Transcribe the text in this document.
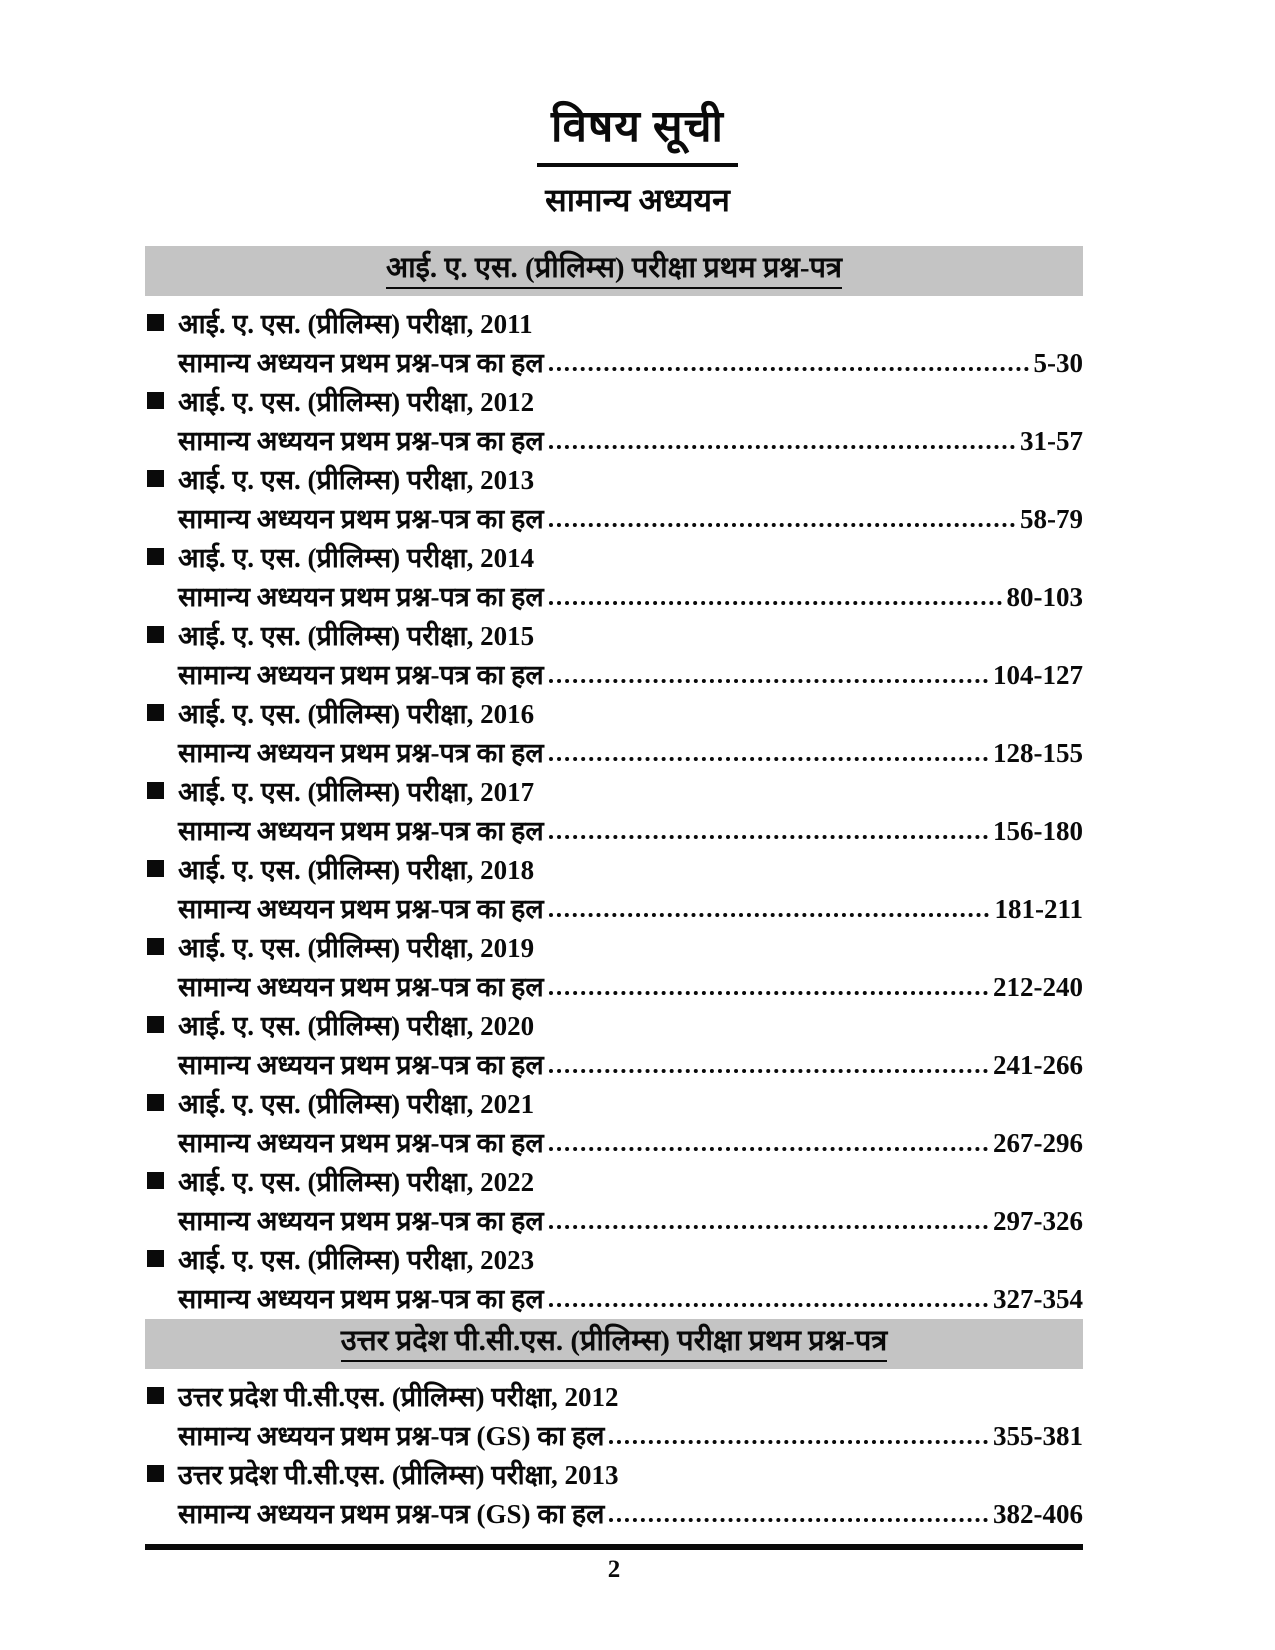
विषय सूची
सामान्य अध्ययन
आई. ए. एस. (प्रीलिम्स) परीक्षा प्रथम प्रश्न-पत्र
आई. ए. एस. (प्रीलिम्स) परीक्षा, 2011
सामान्य अध्ययन प्रथम प्रश्न-पत्र का हल	5-30
आई. ए. एस. (प्रीलिम्स) परीक्षा, 2012
सामान्य अध्ययन प्रथम प्रश्न-पत्र का हल	31-57
आई. ए. एस. (प्रीलिम्स) परीक्षा, 2013
सामान्य अध्ययन प्रथम प्रश्न-पत्र का हल	58-79
आई. ए. एस. (प्रीलिम्स) परीक्षा, 2014
सामान्य अध्ययन प्रथम प्रश्न-पत्र का हल	80-103
आई. ए. एस. (प्रीलिम्स) परीक्षा, 2015
सामान्य अध्ययन प्रथम प्रश्न-पत्र का हल	104-127
आई. ए. एस. (प्रीलिम्स) परीक्षा, 2016
सामान्य अध्ययन प्रथम प्रश्न-पत्र का हल	128-155
आई. ए. एस. (प्रीलिम्स) परीक्षा, 2017
सामान्य अध्ययन प्रथम प्रश्न-पत्र का हल	156-180
आई. ए. एस. (प्रीलिम्स) परीक्षा, 2018
सामान्य अध्ययन प्रथम प्रश्न-पत्र का हल	181-211
आई. ए. एस. (प्रीलिम्स) परीक्षा, 2019
सामान्य अध्ययन प्रथम प्रश्न-पत्र का हल	212-240
आई. ए. एस. (प्रीलिम्स) परीक्षा, 2020
सामान्य अध्ययन प्रथम प्रश्न-पत्र का हल	241-266
आई. ए. एस. (प्रीलिम्स) परीक्षा, 2021
सामान्य अध्ययन प्रथम प्रश्न-पत्र का हल	267-296
आई. ए. एस. (प्रीलिम्स) परीक्षा, 2022
सामान्य अध्ययन प्रथम प्रश्न-पत्र का हल	297-326
आई. ए. एस. (प्रीलिम्स) परीक्षा, 2023
सामान्य अध्ययन प्रथम प्रश्न-पत्र का हल	327-354
उत्तर प्रदेश पी.सी.एस. (प्रीलिम्स) परीक्षा प्रथम प्रश्न-पत्र
उत्तर प्रदेश पी.सी.एस. (प्रीलिम्स) परीक्षा, 2012
सामान्य अध्ययन प्रथम प्रश्न-पत्र (GS) का हल	355-381
उत्तर प्रदेश पी.सी.एस. (प्रीलिम्स) परीक्षा, 2013
सामान्य अध्ययन प्रथम प्रश्न-पत्र (GS) का हल	382-406
2
